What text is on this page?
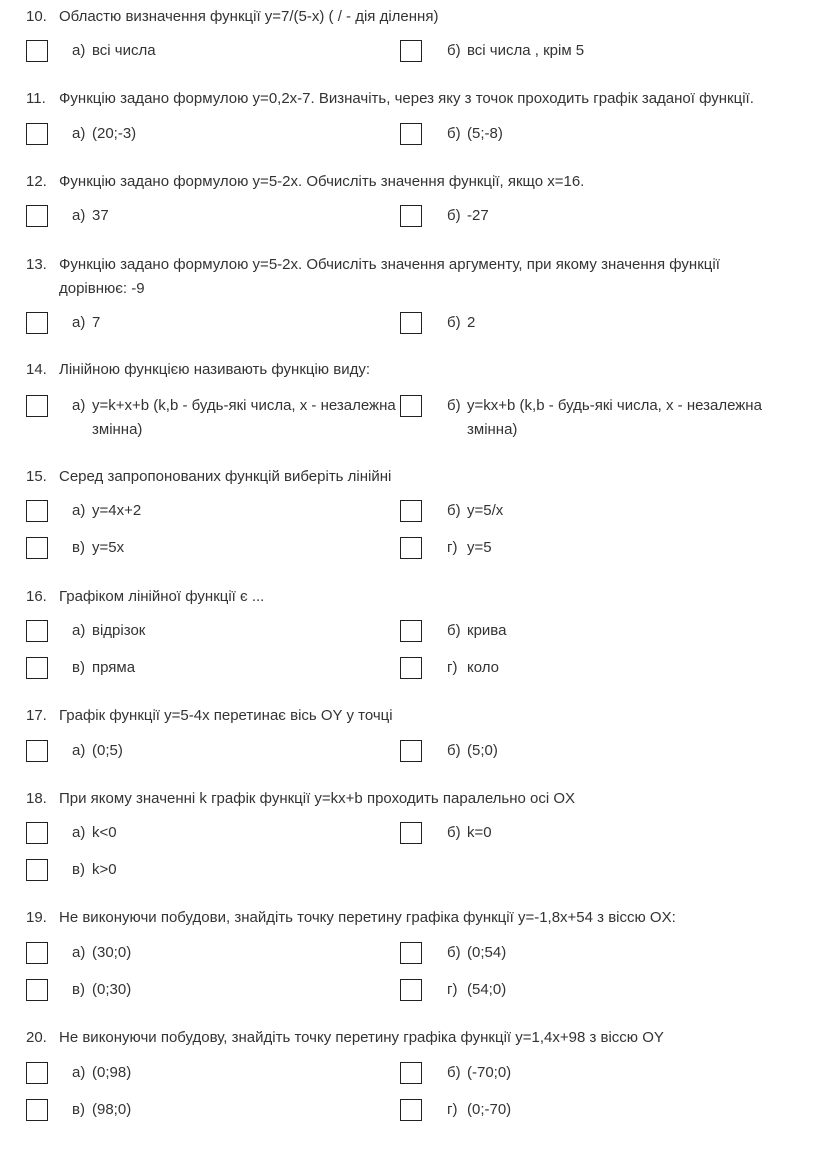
10. Областю визначення функції y=7/(5-x) ( / - дія ділення)
а) всі числа	б) всі числа , крім 5
11. Функцію задано формулою y=0,2x-7. Визначіть, через яку з точок проходить графік заданої функції.
а) (20;-3)	б) (5;-8)
12. Функцію задано формулою y=5-2x. Обчисліть значення функції, якщо x=16.
а) 37	б) -27
13. Функцію задано формулою y=5-2x. Обчисліть значення аргументу, при якому значення функції дорівнює: -9
а) 7	б) 2
14. Лінійною функцією називають функцію виду:
а) y=k+x+b (k,b - будь-які числа, x - незалежна змінна)
б) y=kx+b (k,b - будь-які числа, x - незалежна змінна)
15. Серед запропонованих функцій виберіть лінійні
а) y=4x+2	б) y=5/x
в) y=5x	г) y=5
16. Графіком лінійної функції є ...
а) відрізок	б) крива
в) пряма	г) коло
17. Графік функції y=5-4x перетинає вісь OY у точці
а) (0;5)	б) (5;0)
18. При якому значенні k графік функції y=kx+b проходить паралельно осі OX
а) k<0	б) k=0
в) k>0
19. Не виконуючи побудови, знайдіть точку перетину графіка функції y=-1,8x+54 з віссю OX:
а) (30;0)	б) (0;54)
в) (0;30)	г) (54;0)
20. Не виконуючи побудову, знайдіть точку перетину графіка функції y=1,4x+98 з віссю OY
а) (0;98)	б) (-70;0)
в) (98;0)	г) (0;-70)
